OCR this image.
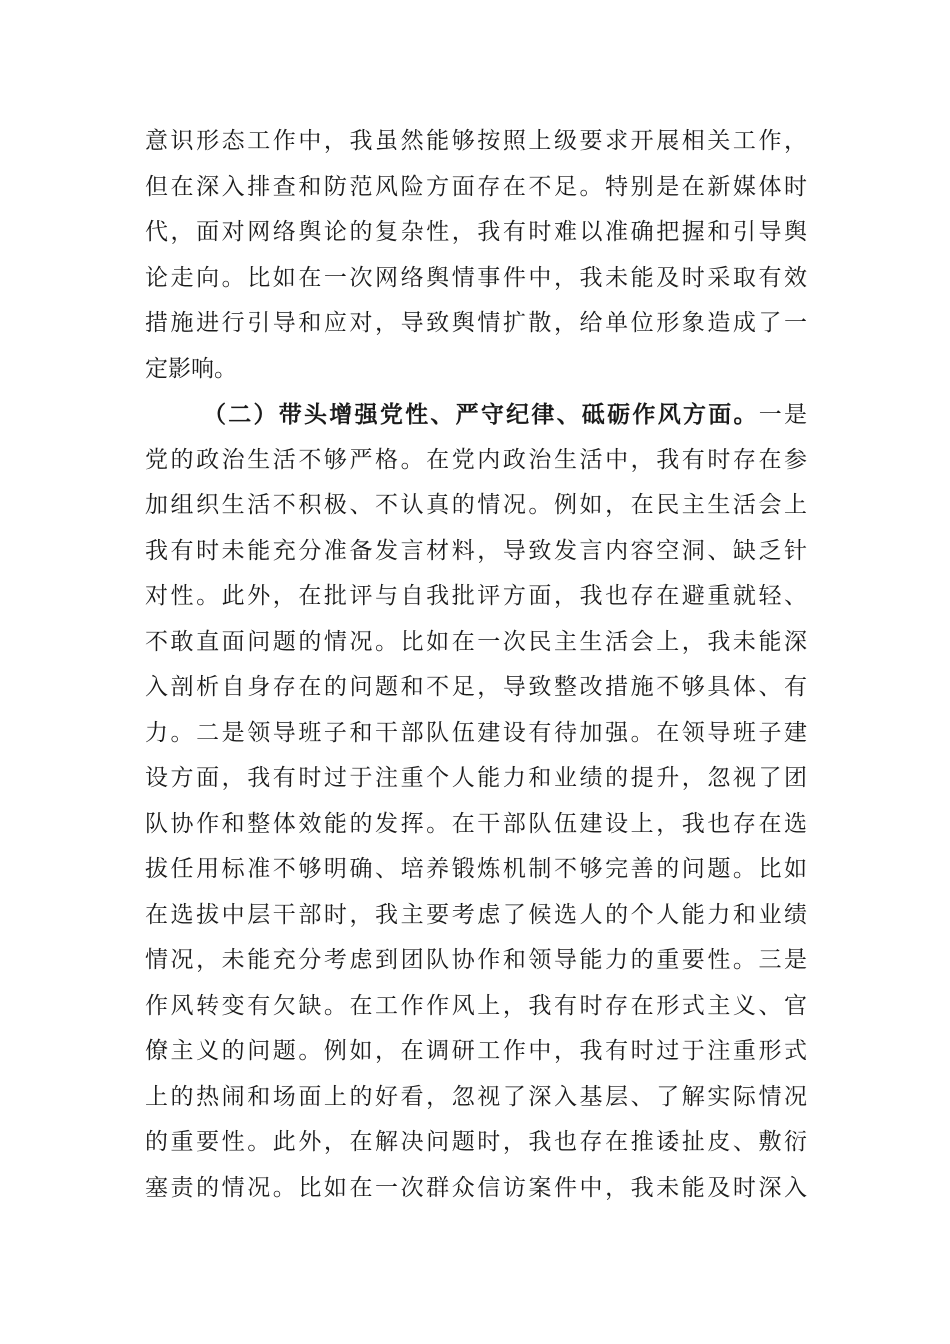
意识形态工作中，我虽然能够按照上级要求开展相关工作，
但在深入排查和防范风险方面存在不足。特别是在新媒体时
代，面对网络舆论的复杂性，我有时难以准确把握和引导舆
论走向。比如在一次网络舆情事件中，我未能及时采取有效
措施进行引导和应对，导致舆情扩散，给单位形象造成了一
定影响。
（二）带头增强党性、严守纪律、砥砺作风方面。一是
党的政治生活不够严格。在党内政治生活中，我有时存在参
加组织生活不积极、不认真的情况。例如，在民主生活会上
我有时未能充分准备发言材料，导致发言内容空洞、缺乏针
对性。此外，在批评与自我批评方面，我也存在避重就轻、
不敢直面问题的情况。比如在一次民主生活会上，我未能深
入剖析自身存在的问题和不足，导致整改措施不够具体、有
力。二是领导班子和干部队伍建设有待加强。在领导班子建
设方面，我有时过于注重个人能力和业绩的提升，忽视了团
队协作和整体效能的发挥。在干部队伍建设上，我也存在选
拔任用标准不够明确、培养锻炼机制不够完善的问题。比如
在选拔中层干部时，我主要考虑了候选人的个人能力和业绩
情况，未能充分考虑到团队协作和领导能力的重要性。三是
作风转变有欠缺。在工作作风上，我有时存在形式主义、官
僚主义的问题。例如，在调研工作中，我有时过于注重形式
上的热闹和场面上的好看，忽视了深入基层、了解实际情况
的重要性。此外，在解决问题时，我也存在推诿扯皮、敷衍
塞责的情况。比如在一次群众信访案件中，我未能及时深入
